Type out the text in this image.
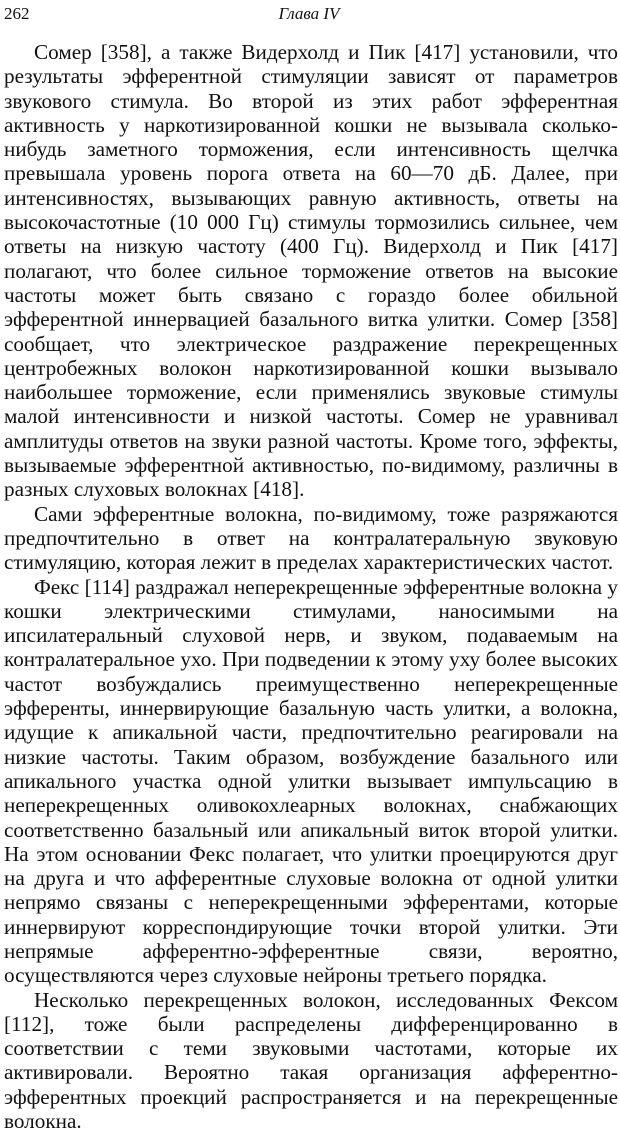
262	Глава IV

Сомер [358], а также Видерхолд и Пик [417] установили, что результаты эфферентной стимуляции зависят от параметров звукового стимула. Во второй из этих работ эфферентная активность у наркотизированной кошки не вызывала сколько-нибудь заметного торможения, если интенсивность щелчка превышала уровень порога ответа на 60—70 дБ. Далее, при интенсивностях, вызывающих равную активность, ответы на высокочастотные (10 000 Гц) стимулы тормозились сильнее, чем ответы на низкую частоту (400 Гц). Видерхолд и Пик [417] полагают, что более сильное торможение ответов на высокие частоты может быть связано с гораздо более обильной эфферентной иннервацией базального витка улитки. Сомер [358] сообщает, что электрическое раздражение перекрещенных центробежных волокон наркотизированной кошки вызывало наибольшее торможение, если применялись звуковые стимулы малой интенсивности и низкой частоты. Сомер не уравнивал амплитуды ответов на звуки разной частоты. Кроме того, эффекты, вызываемые эфферентной активностью, по-видимому, различны в разных слуховых волокнах [418].

Сами эфферентные волокна, по-видимому, тоже разряжаются предпочтительно в ответ на контралатеральную звуковую стимуляцию, которая лежит в пределах характеристических частот.

Фекс [114] раздражал неперекрещенные эфферентные волокна у кошки электрическими стимулами, наносимыми на ипсилатеральный слуховой нерв, и звуком, подаваемым на контралатеральное ухо. При подведении к этому уху более высоких частот возбуждались преимущественно неперекрещенные эфференты, иннервирующие базальную часть улитки, а волокна, идущие к апикальной части, предпочтительно реагировали на низкие частоты. Таким образом, возбуждение базального или апикального участка одной улитки вызывает импульсацию в неперекрещенных оливокохлеарных волокнах, снабжающих соответственно базальный или апикальный виток второй улитки. На этом основании Фекс полагает, что улитки проецируются друг на друга и что афферентные слуховые волокна от одной улитки непрямо связаны с неперекрещенными эфферентами, которые иннервируют корреспондирующие точки второй улитки. Эти непрямые афферентно-эфферентные связи, вероятно, осуществляются через слуховые нейроны третьего порядка.

Несколько перекрещенных волокон, исследованных Фексом [112], тоже были распределены дифференцированно в соответствии с теми звуковыми частотами, которые их активировали. Вероятно такая организация афферентно-эфферентных проекций распространяется и на перекрещенные волокна.
